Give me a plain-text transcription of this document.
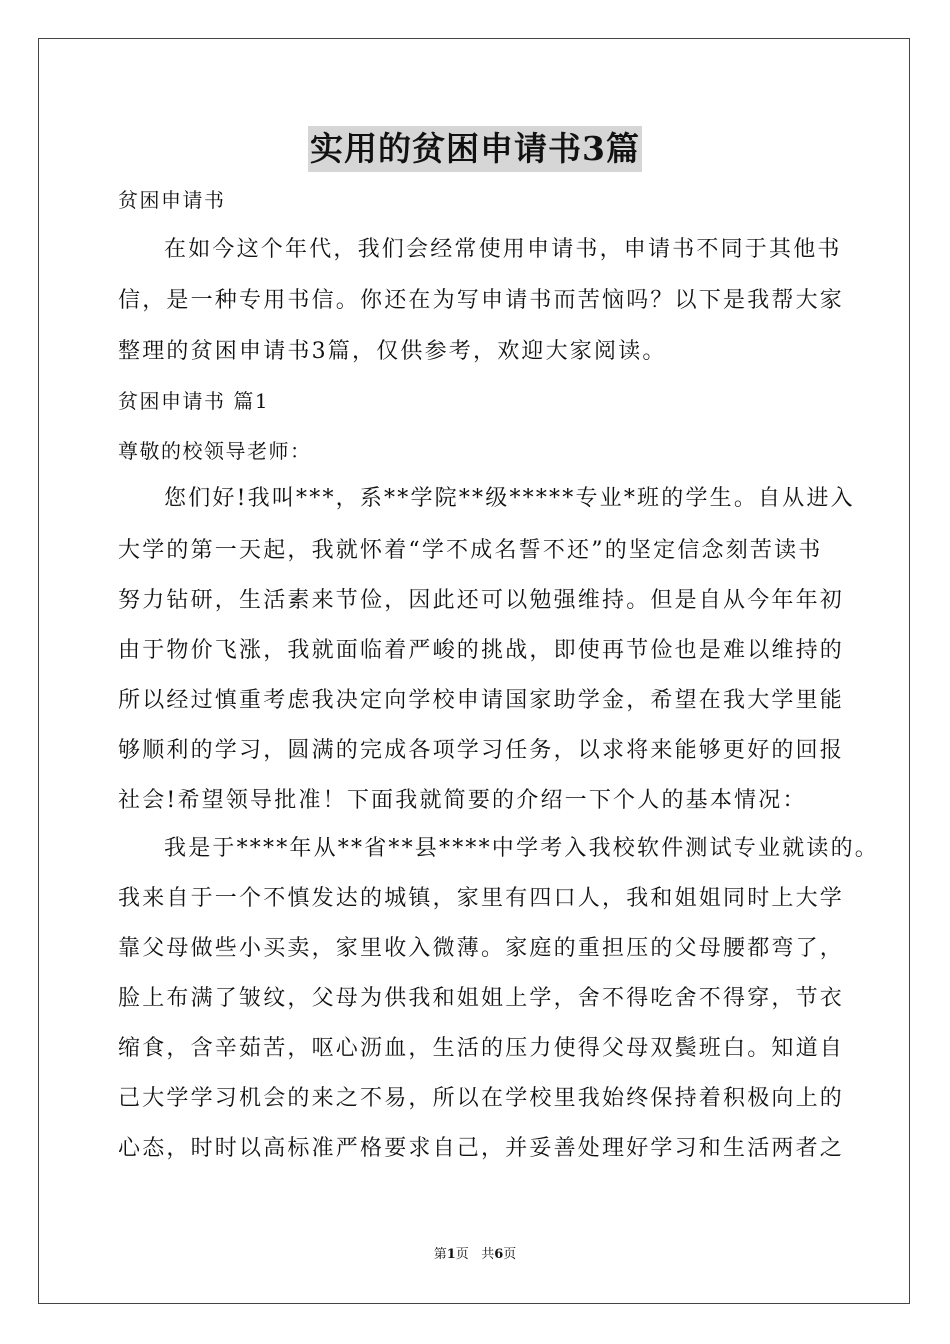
实用的贫困申请书3篇
贫困申请书
在如今这个年代，我们会经常使用申请书，申请书不同于其他书
信，是一种专用书信。你还在为写申请书而苦恼吗？以下是我帮大家
整理的贫困申请书3篇，仅供参考，欢迎大家阅读。
贫困申请书 篇1
尊敬的校领导老师：
您们好!我叫***，系**学院**级*****专业*班的学生。自从进入
大学的第一天起，我就怀着“学不成名誓不还”的坚定信念刻苦读书
努力钻研，生活素来节俭，因此还可以勉强维持。但是自从今年年初
由于物价飞涨，我就面临着严峻的挑战，即使再节俭也是难以维持的
所以经过慎重考虑我决定向学校申请国家助学金，希望在我大学里能
够顺利的学习，圆满的完成各项学习任务，以求将来能够更好的回报
社会!希望领导批准！下面我就简要的介绍一下个人的基本情况：
我是于****年从**省**县****中学考入我校软件测试专业就读的。
我来自于一个不慎发达的城镇，家里有四口人，我和姐姐同时上大学
靠父母做些小买卖，家里收入微薄。家庭的重担压的父母腰都弯了，
脸上布满了皱纹，父母为供我和姐姐上学，舍不得吃舍不得穿，节衣
缩食，含辛茹苦，呕心沥血，生活的压力使得父母双鬓班白。知道自
己大学学习机会的来之不易，所以在学校里我始终保持着积极向上的
心态，时时以高标准严格要求自己，并妥善处理好学习和生活两者之
第1页   共6页
